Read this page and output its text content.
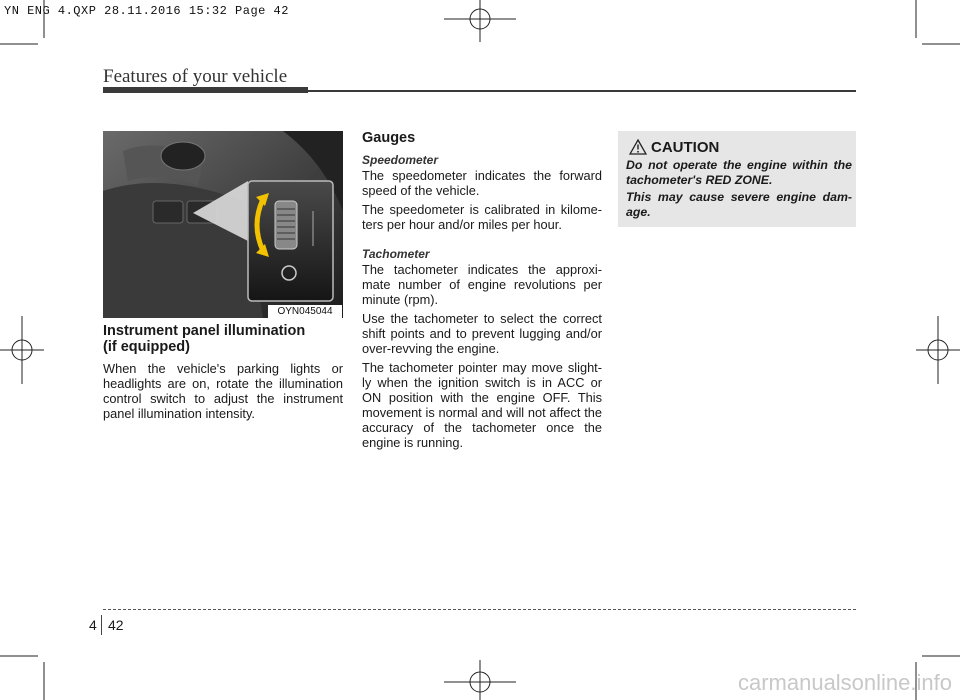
YN ENG 4.QXP 28.11.2016 15:32 Page 42
Features of your vehicle
OYN045044
Instrument panel illumination
(if equipped)

When the vehicle's parking lights or headlights are on, rotate the illumination control switch to adjust the instrument panel illumination intensity.

Gauges
Speedometer

The speedometer indicates the forward speed of the vehicle.

The speedometer is calibrated in kilome-ters per hour and/or miles per hour.

Tachometer

The tachometer indicates the approxi-mate number of engine revolutions per minute (rpm).

Use the tachometer to select the correct shift points and to prevent lugging and/or over-revving the engine.

The tachometer pointer may move slight-ly when the ignition switch is in ACC or ON position with the engine OFF. This movement is normal and will not affect the accuracy of the tachometer once the engine is running.

CAUTION

Do not operate the engine within the tachometer's RED ZONE.

This may cause severe engine dam-age.

4 42
carmanualsonline.info
